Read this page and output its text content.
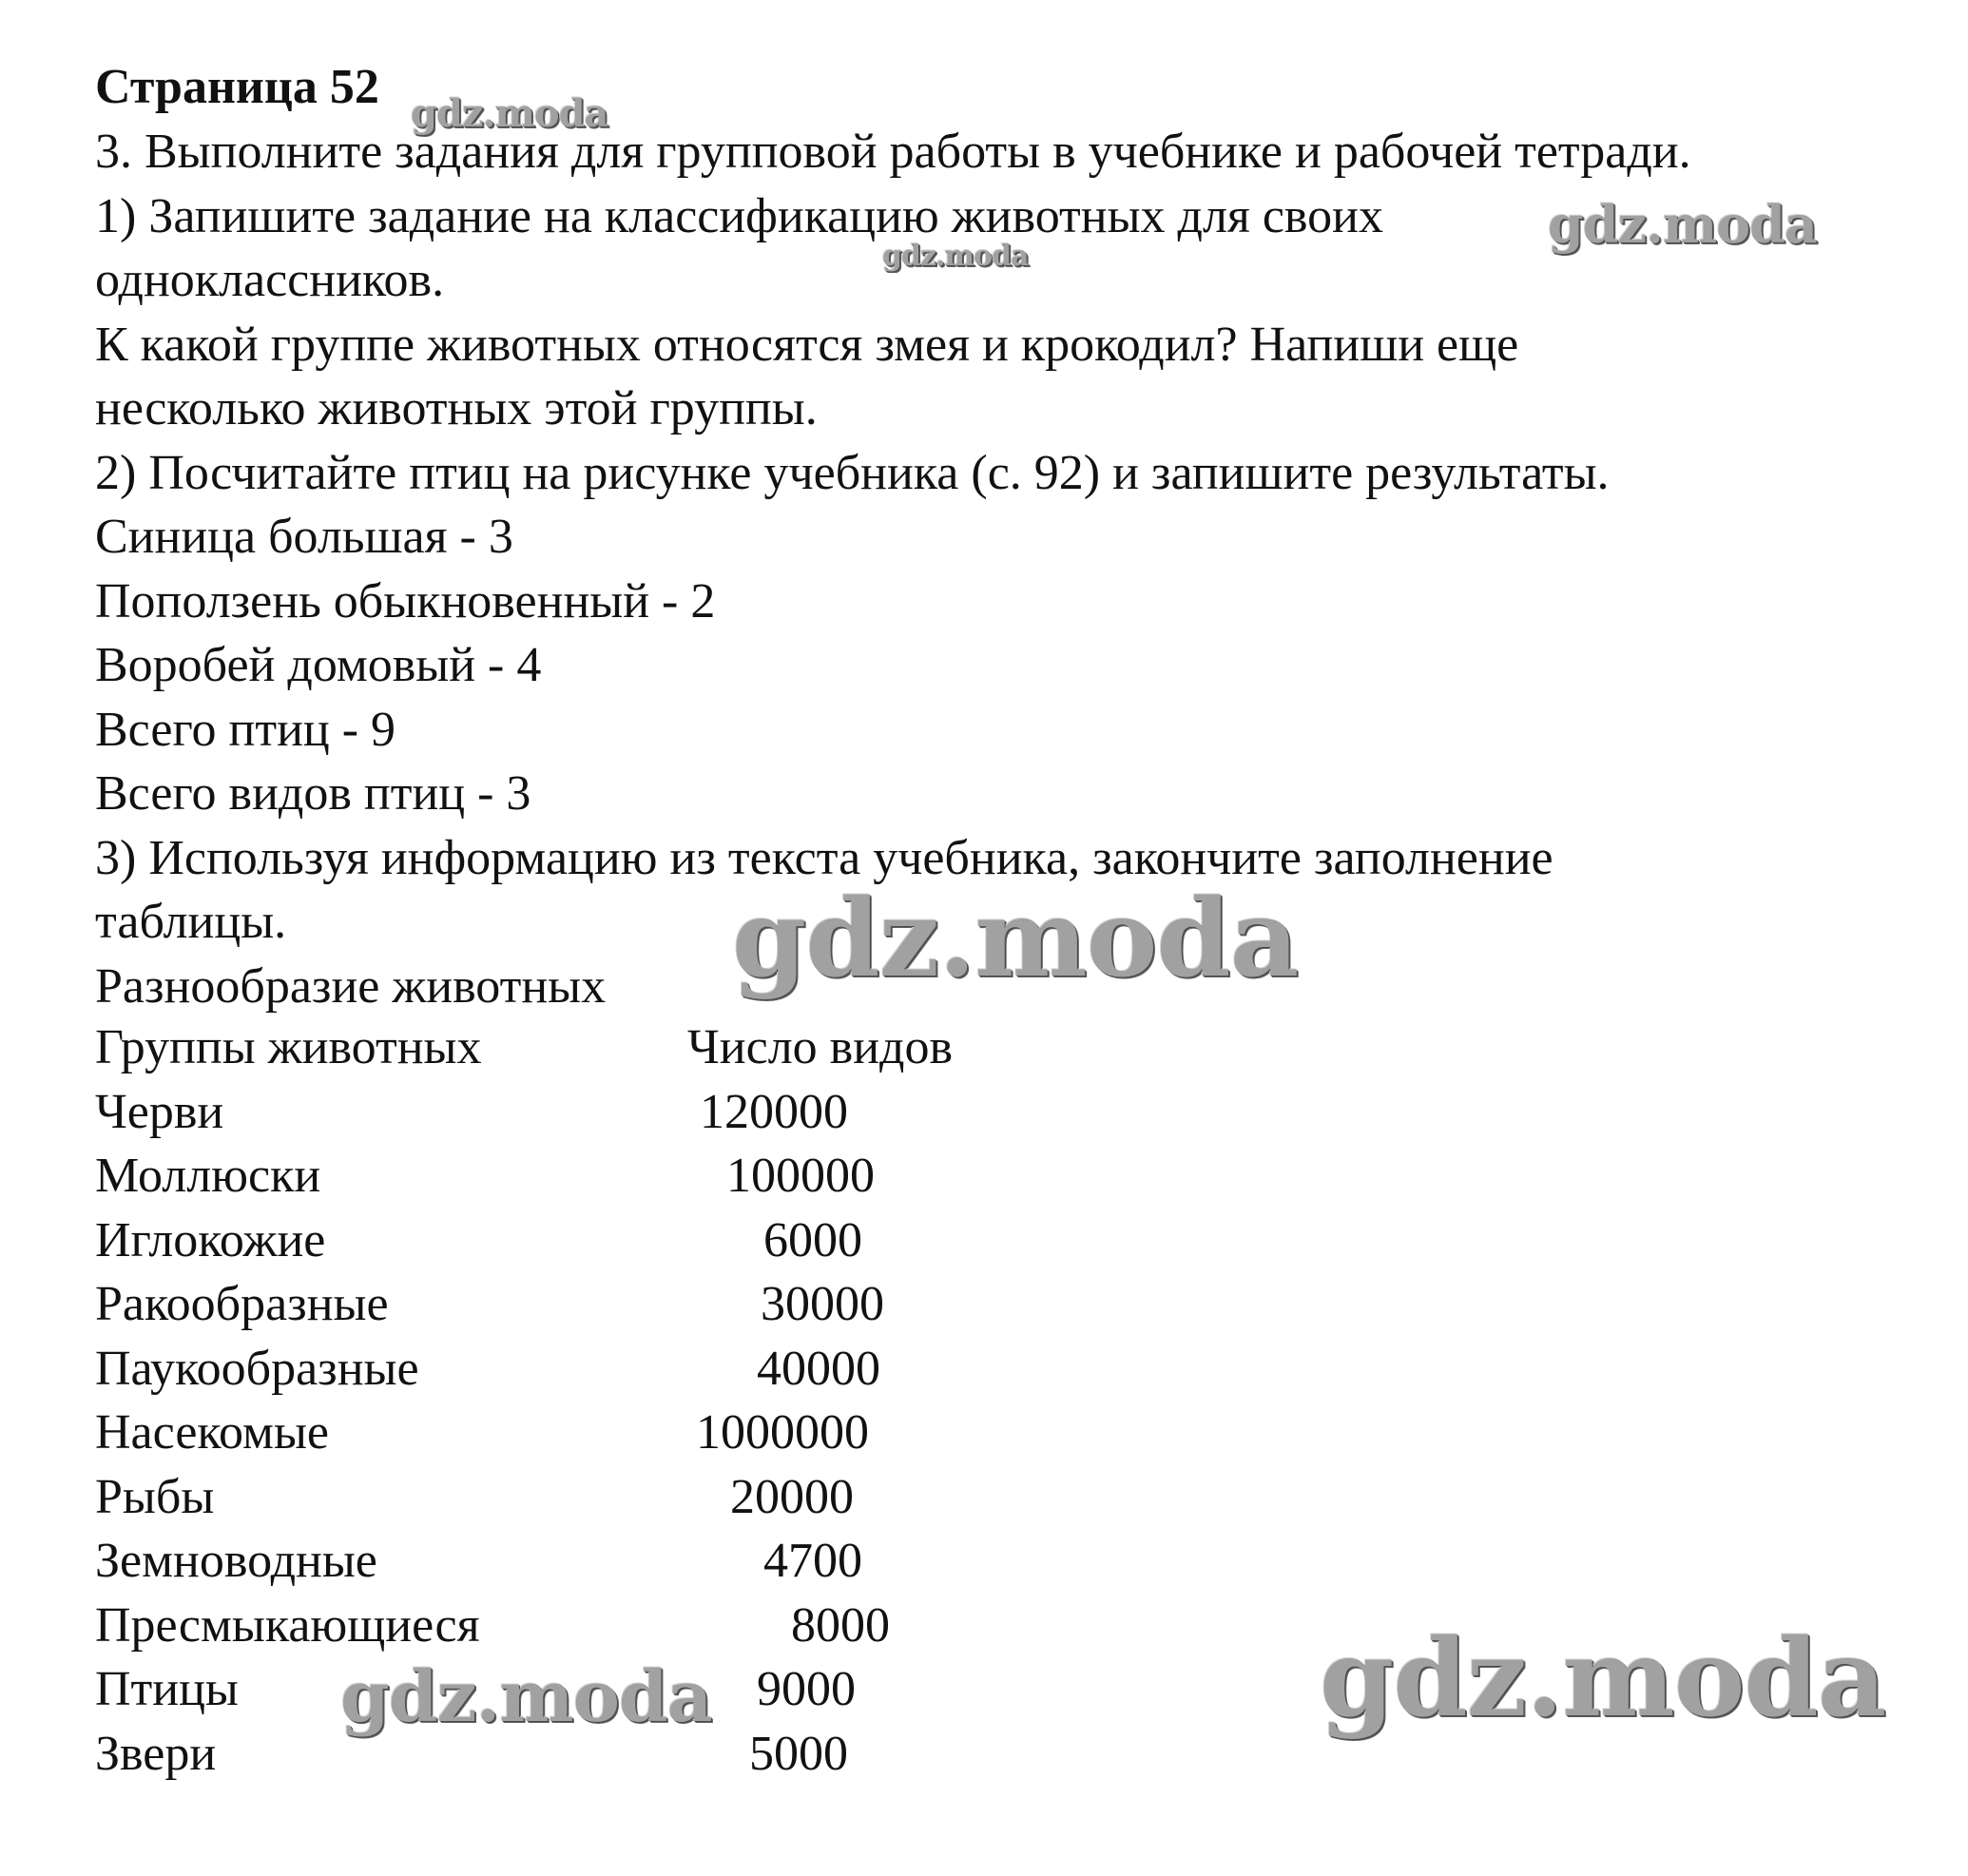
Страница 52
3. Выполните задания для групповой работы в учебнике и рабочей тетради.
1) Запишите задание на классификацию животных для своих
одноклассников.
К какой группе животных относятся змея и крокодил? Напиши еще
несколько животных этой группы.
2) Посчитайте птиц на рисунке учебника (с. 92) и запишите результаты.
Синица большая - 3
Поползень обыкновенный - 2
Воробей домовый - 4
Всего птиц - 9
Всего видов птиц - 3
3) Используя информацию из текста учебника, закончите заполнение
таблицы.
Разнообразие животных
Группы животных	Число видов
Черви	120000
Моллюски	100000
Иглокожие	6000
Ракообразные	30000
Паукообразные	40000
Насекомые	1000000
Рыбы	20000
Земноводные	4700
Пресмыкающиеся	8000
Птицы	9000
Звери	5000
gdz.moda
gdz.moda
gdz.moda
gdz.moda
gdz.moda	gdz.moda
